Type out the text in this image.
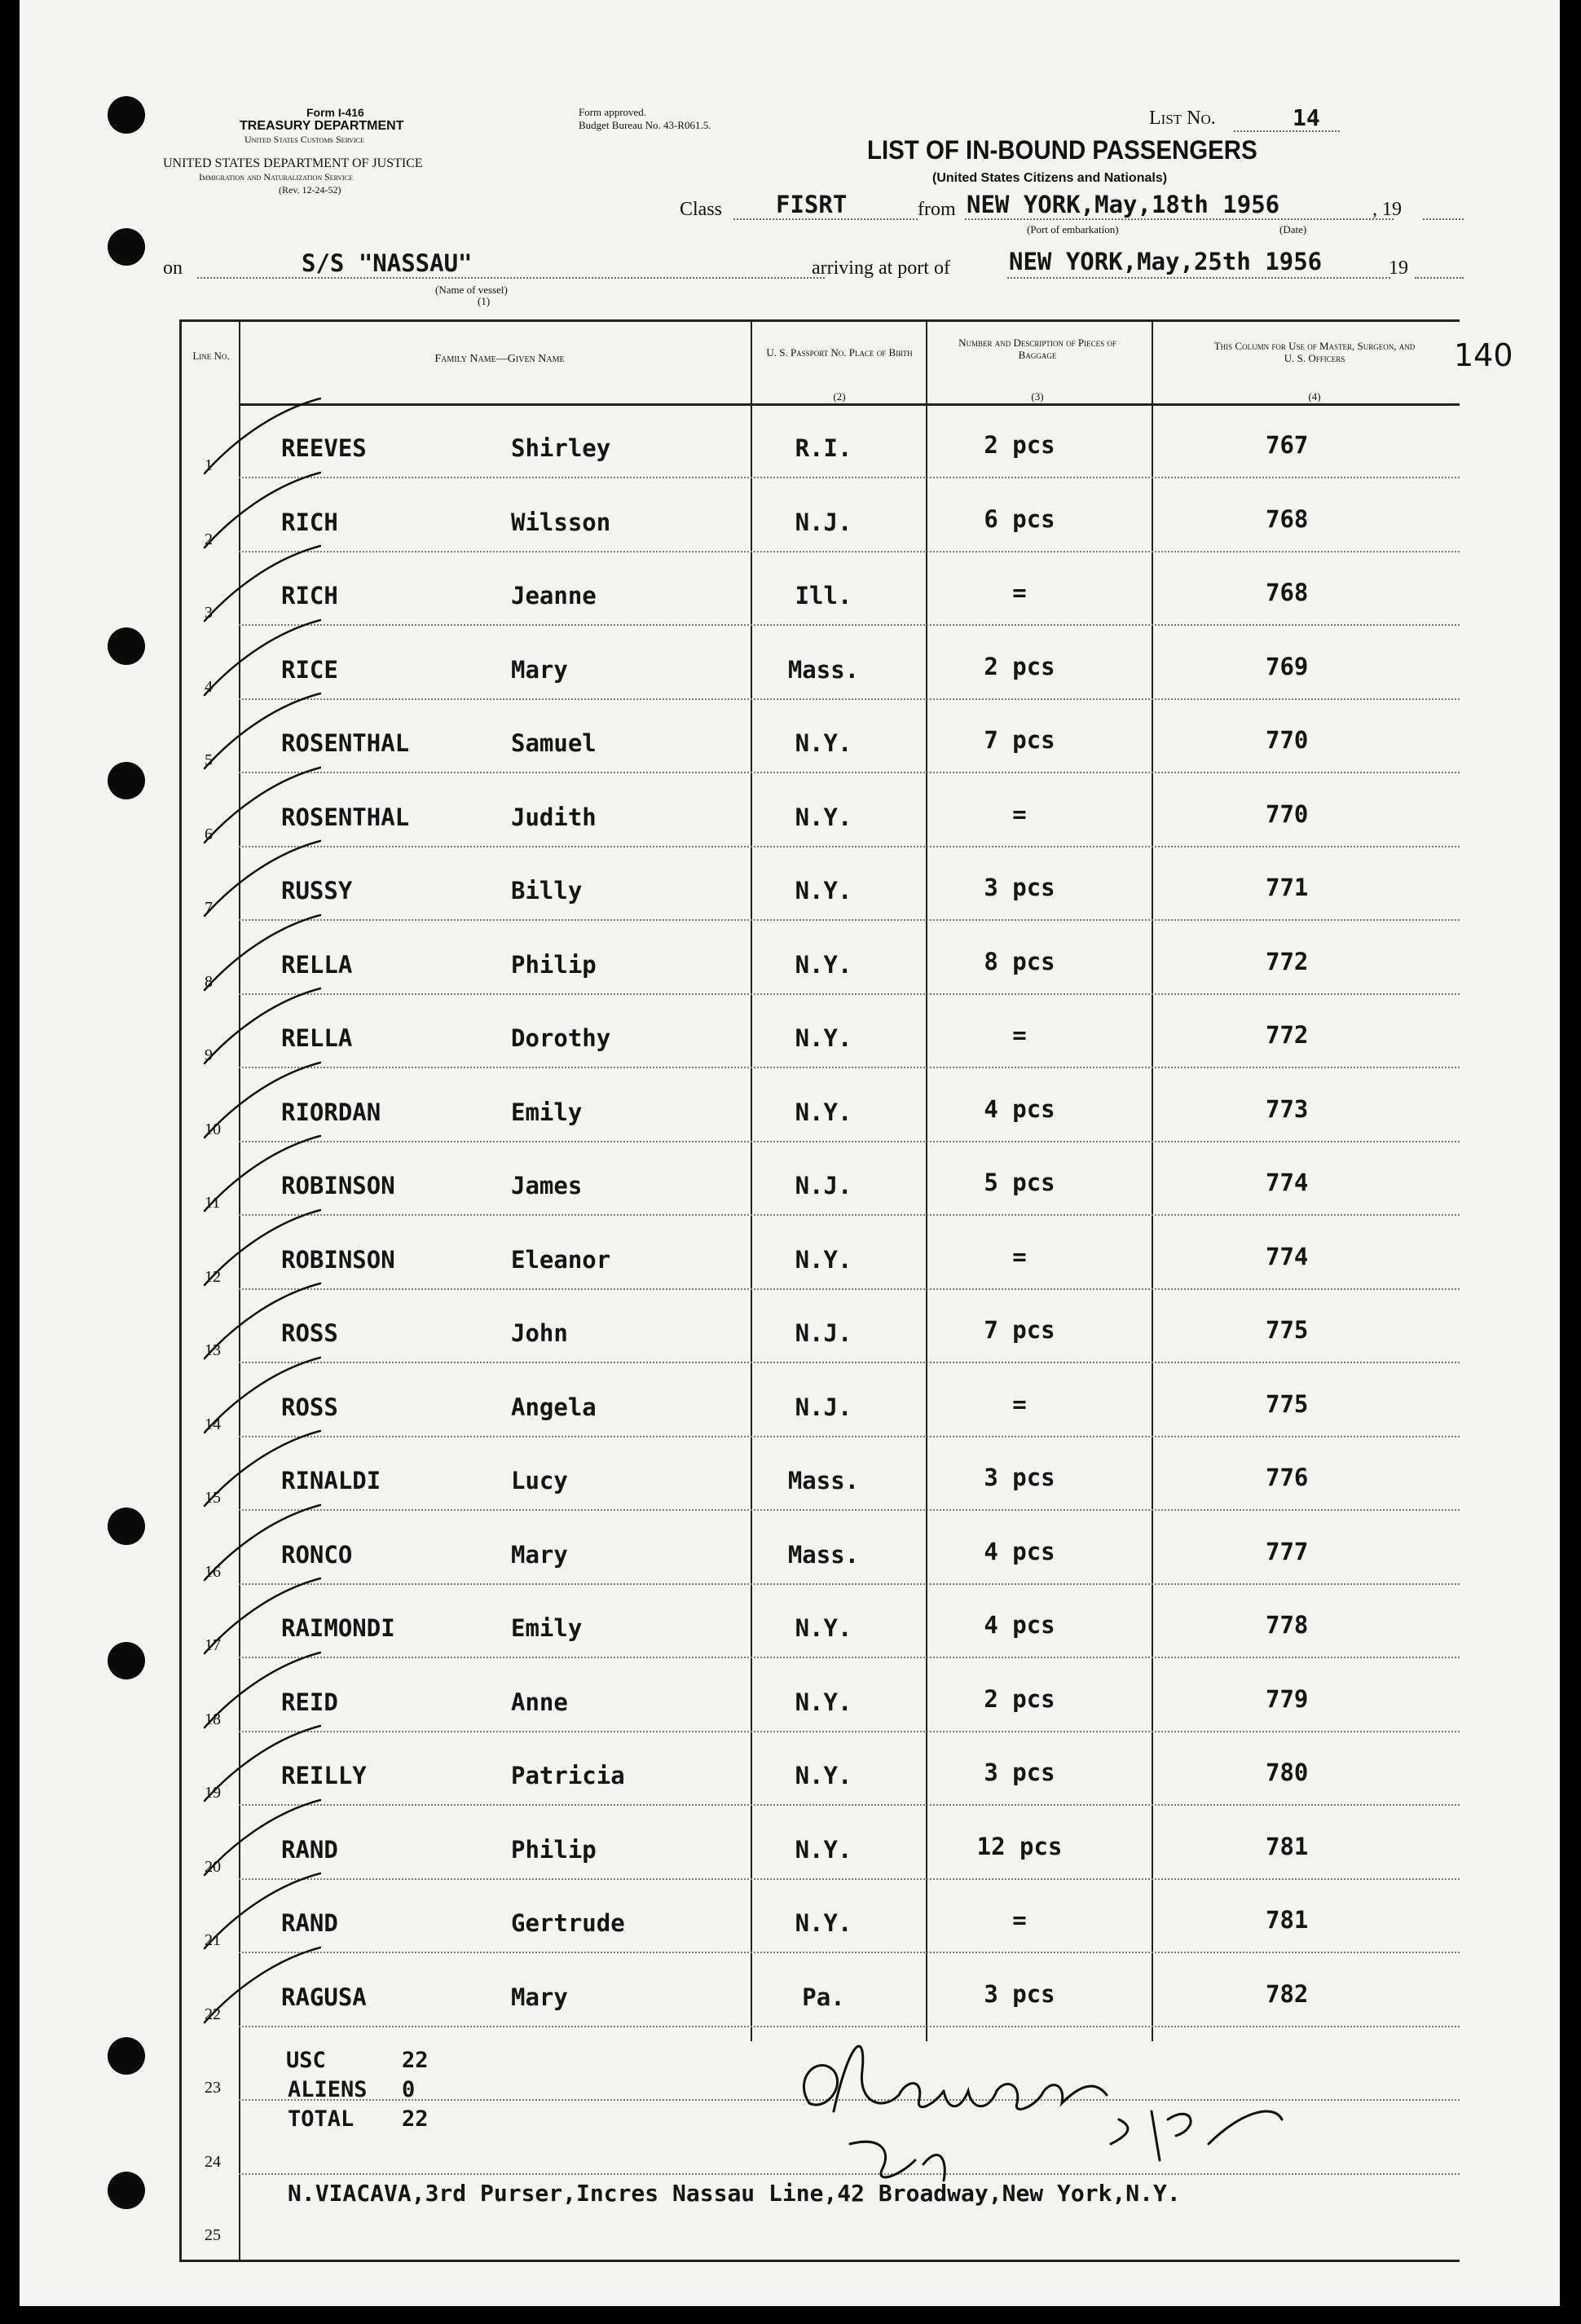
Form I-416
TREASURY DEPARTMENT
United States Customs Service
UNITED STATES DEPARTMENT OF JUSTICE
Immigration and Naturalization Service
(Rev. 12-24-52)
Form approved.
Budget Bureau No. 43-R061.5.	List No.	14
LIST OF IN-BOUND PASSENGERS
(United States Citizens and Nationals)
Class FISRT	from NEW YORK,May,18th 1956	, 19
(Port of embarkation)	(Date)
on	S/S "NASSAU"
(Name of vessel)
(1)
arriving at port of NEW YORK,May,25th 1956	19
140
Line No.	Family Name—Given Name
U. S. Passport No. Place of Birth
(2)
Number and Description of Pieces of Baggage
(3)
This Column for Use of Master, Surgeon, and U. S. Officers
(4)
1
REEVES	Shirley	R.I.	2 pcs	767
2
RICH	Wilsson	N.J.	6 pcs	768
3
RICH	Jeanne	Ill.	=	768
4
RICE	Mary	Mass.	2 pcs	769
5
ROSENTHAL	Samuel	N.Y.	7 pcs	770
6
ROSENTHAL	Judith	N.Y.	=	770
7
RUSSY	Billy	N.Y.	3 pcs	771
8
RELLA	Philip	N.Y.	8 pcs	772
9
RELLA	Dorothy	N.Y.	=	772
10
RIORDAN	Emily	N.Y.	4 pcs	773
11
ROBINSON	James	N.J.	5 pcs	774
12
ROBINSON	Eleanor	N.Y.	=	774
13
ROSS	John	N.J.	7 pcs	775
14
ROSS	Angela	N.J.	=	775
15
RINALDI	Lucy	Mass.	3 pcs	776
16
RONCO	Mary	Mass.	4 pcs	777
17
RAIMONDI	Emily	N.Y.	4 pcs	778
18
REID	Anne	N.Y.	2 pcs	779
19
REILLY	Patricia	N.Y.	3 pcs	780
20
RAND	Philip	N.Y.	12 pcs	781
21
RAND	Gertrude	N.Y.	=	781
22
RAGUSA	Mary	Pa.	3 pcs	782
23
24
25
USC	22
ALIENS 0
TOTAL 22
N.VIACAVA,3rd Purser,Incres Nassau Line,42 Broadway,New York,N.Y.
